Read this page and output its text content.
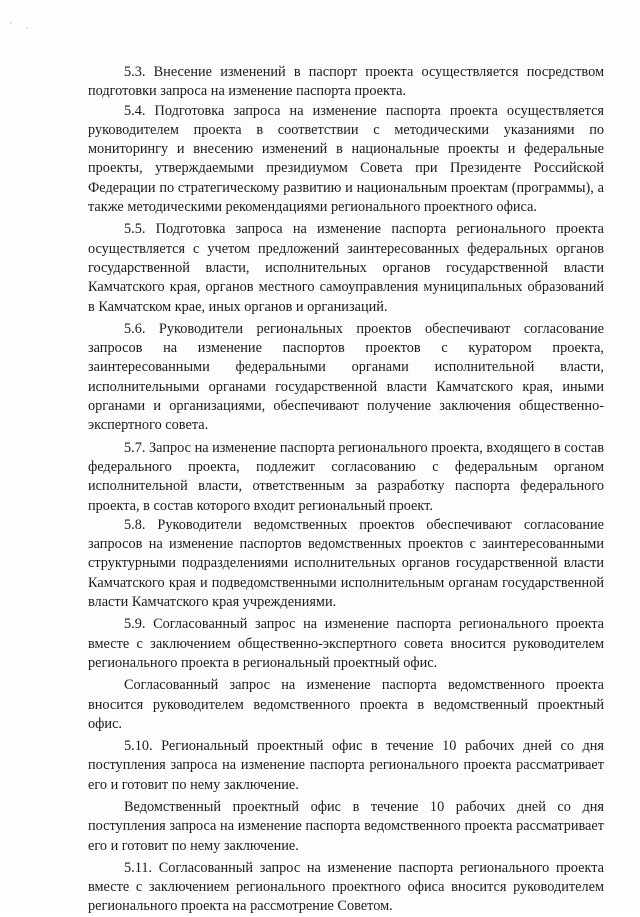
' ,

5.3. Внесение изменений в паспорт проекта осуществляется посредством подготовки запроса на изменение паспорта проекта.

5.4. Подготовка запроса на изменение паспорта проекта осуществляется руководителем проекта в соответствии с методическими указаниями по мониторингу и внесению изменений в национальные проекты и федеральные проекты, утверждаемыми президиумом Совета при Президенте Российской Федерации по стратегическому развитию и национальным проектам (программы), а также методическими рекомендациями регионального проектного офиса.

5.5. Подготовка запроса на изменение паспорта регионального проекта осуществляется с учетом предложений заинтересованных федеральных органов государственной власти, исполнительных органов государственной власти Камчатского края, органов местного самоуправления муниципальных образований в Камчатском крае, иных органов и организаций.

5.6. Руководители региональных проектов обеспечивают согласование запросов на изменение паспортов проектов с куратором проекта, заинтересованными федеральными органами исполнительной власти, исполнительными органами государственной власти Камчатского края, иными органами и организациями, обеспечивают получение заключения общественно-экспертного совета.

5.7. Запрос на изменение паспорта регионального проекта, входящего в состав федерального проекта, подлежит согласованию с федеральным органом исполнительной власти, ответственным за разработку паспорта федерального проекта, в состав которого входит региональный проект.

5.8. Руководители ведомственных проектов обеспечивают согласование запросов на изменение паспортов ведомственных проектов с заинтересованными структурными подразделениями исполнительных органов государственной власти Камчатского края и подведомственными исполнительным органам государственной власти Камчатского края учреждениями.

5.9. Согласованный запрос на изменение паспорта регионального проекта вместе с заключением общественно-экспертного совета вносится руководителем регионального проекта в региональный проектный офис.

Согласованный запрос на изменение паспорта ведомственного проекта вносится руководителем ведомственного проекта в ведомственный проектный офис.

5.10. Региональный проектный офис в течение 10 рабочих дней со дня поступления запроса на изменение паспорта регионального проекта рассматривает его и готовит по нему заключение.

Ведомственный проектный офис в течение 10 рабочих дней со дня поступления запроса на изменение паспорта ведомственного проекта рассматривает его и готовит по нему заключение.

5.11. Согласованный запрос на изменение паспорта регионального проекта вместе с заключением регионального проектного офиса вносится руководителем регионального проекта на рассмотрение Советом.
